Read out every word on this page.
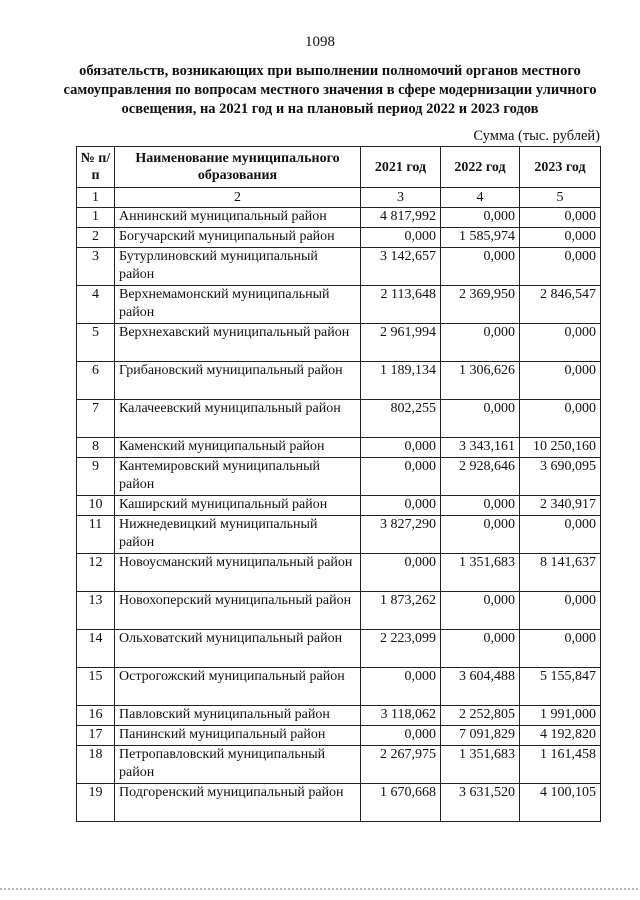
1098
обязательств, возникающих при выполнении полномочий органов местного самоуправления по вопросам местного значения в сфере модернизации уличного освещения, на 2021 год и на плановый период 2022 и 2023 годов
Сумма (тыс. рублей)
№ п/п	Наименование муниципального образования	2021 год	2022 год	2023 год
1	2	3	4	5
1	Аннинский муниципальный район	4 817,992	0,000	0,000
2	Богучарский муниципальный район	0,000	1 585,974	0,000
3	Бутурлиновский муниципальный район	3 142,657	0,000	0,000
4	Верхнемамонский муниципальный район	2 113,648	2 369,950	2 846,547
5	Верхнехавский муниципальный район	2 961,994	0,000	0,000
6	Грибановский муниципальный район	1 189,134	1 306,626	0,000
7	Калачеевский муниципальный район	802,255	0,000	0,000
8	Каменский муниципальный район	0,000	3 343,161	10 250,160
9	Кантемировский муниципальный район	0,000	2 928,646	3 690,095
10	Каширский муниципальный район	0,000	0,000	2 340,917
11	Нижнедевицкий муниципальный район	3 827,290	0,000	0,000
12	Новоусманский муниципальный район	0,000	1 351,683	8 141,637
13	Новохоперский муниципальный район	1 873,262	0,000	0,000
14	Ольховатский муниципальный район	2 223,099	0,000	0,000
15	Острогожский муниципальный район	0,000	3 604,488	5 155,847
16	Павловский муниципальный район	3 118,062	2 252,805	1 991,000
17	Панинский муниципальный район	0,000	7 091,829	4 192,820
18	Петропавловский муниципальный район	2 267,975	1 351,683	1 161,458
19	Подгоренский муниципальный район	1 670,668	3 631,520	4 100,105
